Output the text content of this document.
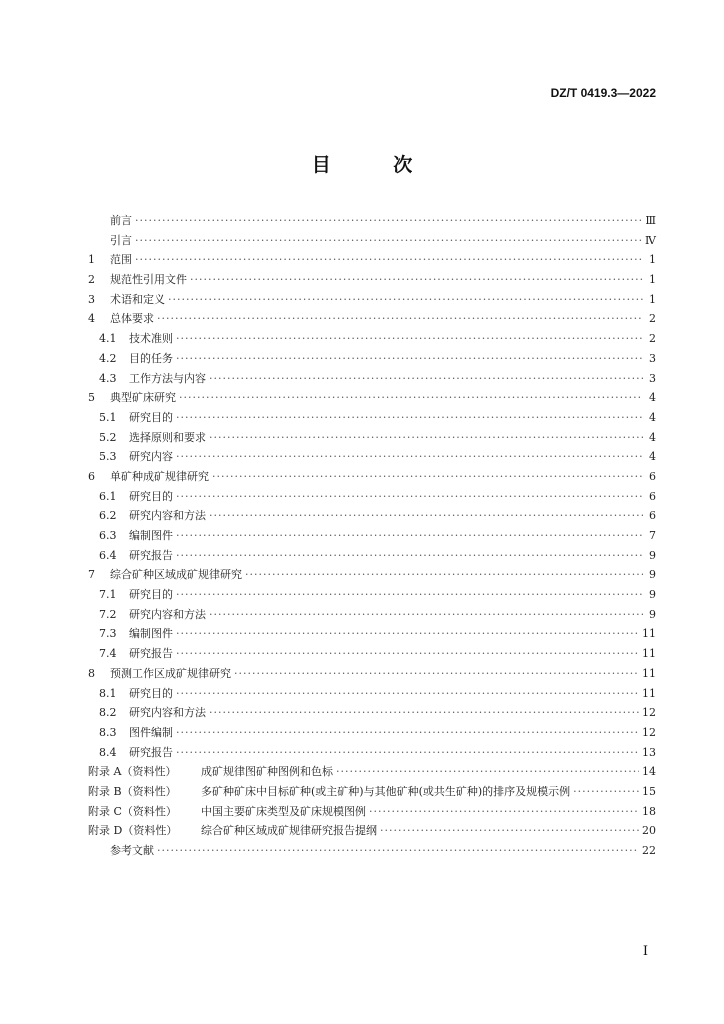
DZ/T 0419.3—2022
目 次
前言 ·····	Ⅲ
引言 ·····	Ⅳ
1	范围 ·····	1
2	规范性引用文件 ·····	1
3	术语和定义 ·····	1
4	总体要求 ·····	2
4.1	技术准则 ·····	2
4.2	目的任务 ·····	3
4.3	工作方法与内容 ·····	3
5	典型矿床研究 ·····	4
5.1	研究目的 ·····	4
5.2	选择原则和要求 ·····	4
5.3	研究内容 ·····	4
6	单矿种成矿规律研究 ·····	6
6.1	研究目的 ·····	6
6.2	研究内容和方法 ·····	6
6.3	编制图件 ·····	7
6.4	研究报告 ·····	9
7	综合矿种区域成矿规律研究 ·····	9
7.1	研究目的 ·····	9
7.2	研究内容和方法 ·····	9
7.3	编制图件 ·····	11
7.4	研究报告 ·····	11
8	预测工作区成矿规律研究 ·····	11
8.1	研究目的 ·····	11
8.2	研究内容和方法 ·····	12
8.3	图件编制 ·····	12
8.4	研究报告 ·····	13
附录 A（资料性）	成矿规律图矿种图例和色标 ·····	14
附录 B（资料性）	多矿种矿床中目标矿种(或主矿种)与其他矿种(或共生矿种)的排序及规模示例 ·····	15
附录 C（资料性）	中国主要矿床类型及矿床规模图例 ·····	18
附录 D（资料性）	综合矿种区域成矿规律研究报告提纲 ·····	20
参考文献 ·····	22
I
